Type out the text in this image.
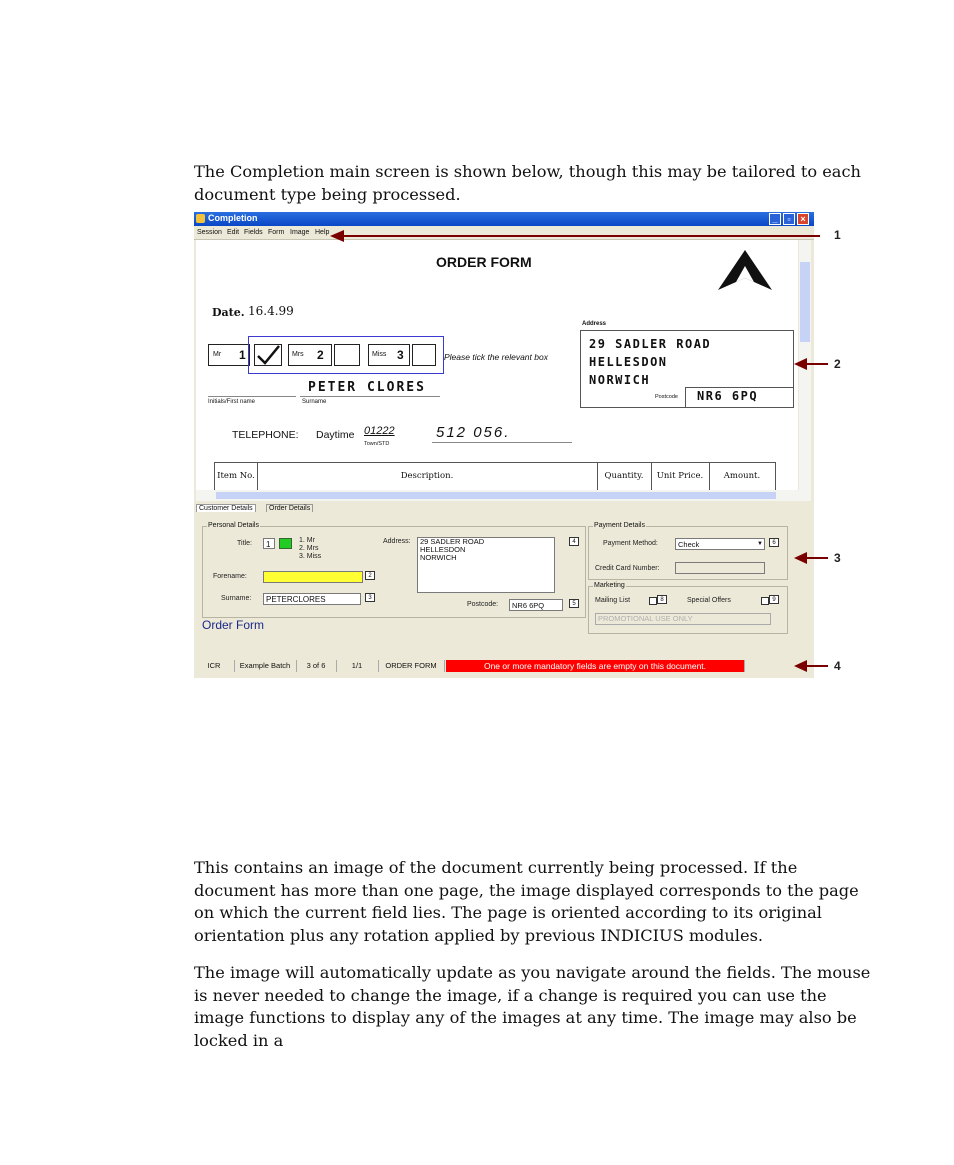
The Completion main screen is shown below, though this may be tailored to each document type being processed.

Completion	_	▫	×
Session Edit Fields Form Image Help
ORDER FORM
Date. 16.4.99
Mr 1	Mrs 2	Miss 3	Please tick the relevant box
PETER CLORES
Initials/First name	Surname
Address
29 SADLER ROAD
HELLESDON
NORWICH
Postcode NR6 6PQ
TELEPHONE: Daytime 01222
Town/STD
512 056.
Item No.	Description.	Quantity.	Unit Price.	Amount.
Customer Details	Order Details
Personal Details
Title:	1	1. Mr
2. Mrs
3. Miss
Forename:	2
Surname:	PETERCLORES	3
Address: 29 SADLER ROAD
HELLESDON
NORWICH
4
Postcode:	NR6 6PQ	5
Payment Details
Payment Method:	Check	▼	6
Credit Card Number:
Marketing
Mailing List	8	Special Offers	9
PROMOTIONAL USE ONLY
Order Form
ICR	Example Batch	3 of 6	1/1	ORDER FORM	One or more mandatory fields are empty on this document.
1
2
3
4

This contains an image of the document currently being processed. If the document has more than one page, the image displayed corresponds to the page on which the current field lies. The page is oriented according to its original orientation plus any rotation applied by previous INDICIUS modules.

The image will automatically update as you navigate around the fields. The mouse is never needed to change the image, if a change is required you can use the image functions to display any of the images at any time. The image may also be locked in a
